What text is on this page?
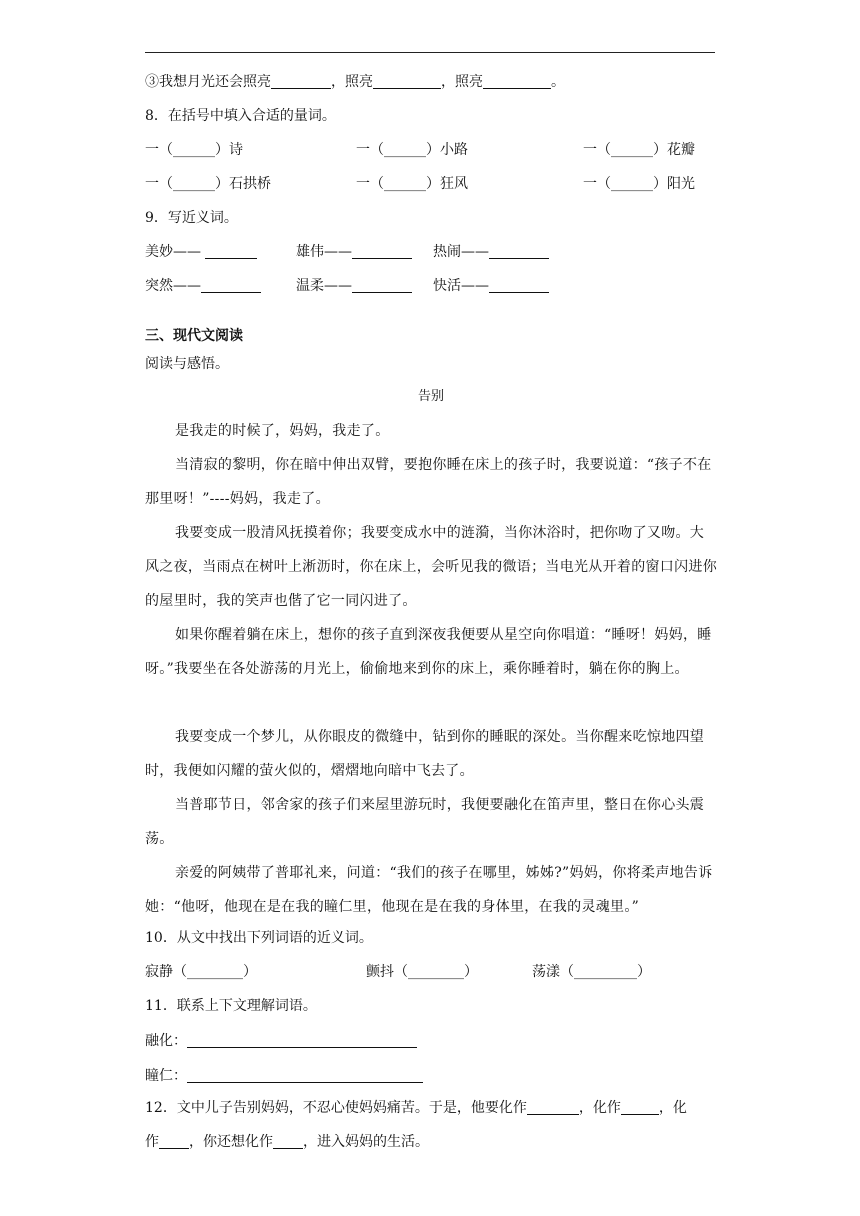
③我想月光还会照亮	，照亮	，照亮	。
8．在括号中填入合适的量词。
一（______）诗	一（______）小路	一（______）花瓣
一（______）石拱桥	一（______）狂风	一（______）阳光
9．写近义词。
美妙——	雄伟——	热闹——
突然——	温柔——	快活——
三、现代文阅读
阅读与感悟。
告别
是我走的时候了，妈妈，我走了。
当清寂的黎明，你在暗中伸出双臂，要抱你睡在床上的孩子时，我要说道：“孩子不在那里呀！”----妈妈，我走了。
我要变成一股清风抚摸着你；我要变成水中的涟漪，当你沐浴时，把你吻了又吻。大风之夜，当雨点在树叶上淅沥时，你在床上，会听见我的微语；当电光从开着的窗口闪进你的屋里时，我的笑声也偕了它一同闪进了。
如果你醒着躺在床上，想你的孩子直到深夜我便要从星空向你唱道：“睡呀！妈妈，睡呀。”我要坐在各处游荡的月光上，偷偷地来到你的床上，乘你睡着时，躺在你的胸上。
我要变成一个梦儿，从你眼皮的微缝中，钻到你的睡眠的深处。当你醒来吃惊地四望时，我便如闪耀的萤火似的，熠熠地向暗中飞去了。
当普耶节日，邻舍家的孩子们来屋里游玩时，我便要融化在笛声里，整日在你心头震荡。
亲爱的阿姨带了普耶礼来，问道：“我们的孩子在哪里，姊姊?”妈妈，你将柔声地告诉她：“他呀，他现在是在我的瞳仁里，他现在是在我的身体里，在我的灵魂里。”
10．从文中找出下列词语的近义词。
寂静（________）	颤抖（________）	荡漾（_________）
11．联系上下文理解词语。
融化：
瞳仁：
12．文中儿子告别妈妈，不忍心使妈妈痛苦。于是，他要化作	，化作	，化
作 ，你还想化作 ，进入妈妈的生活。
